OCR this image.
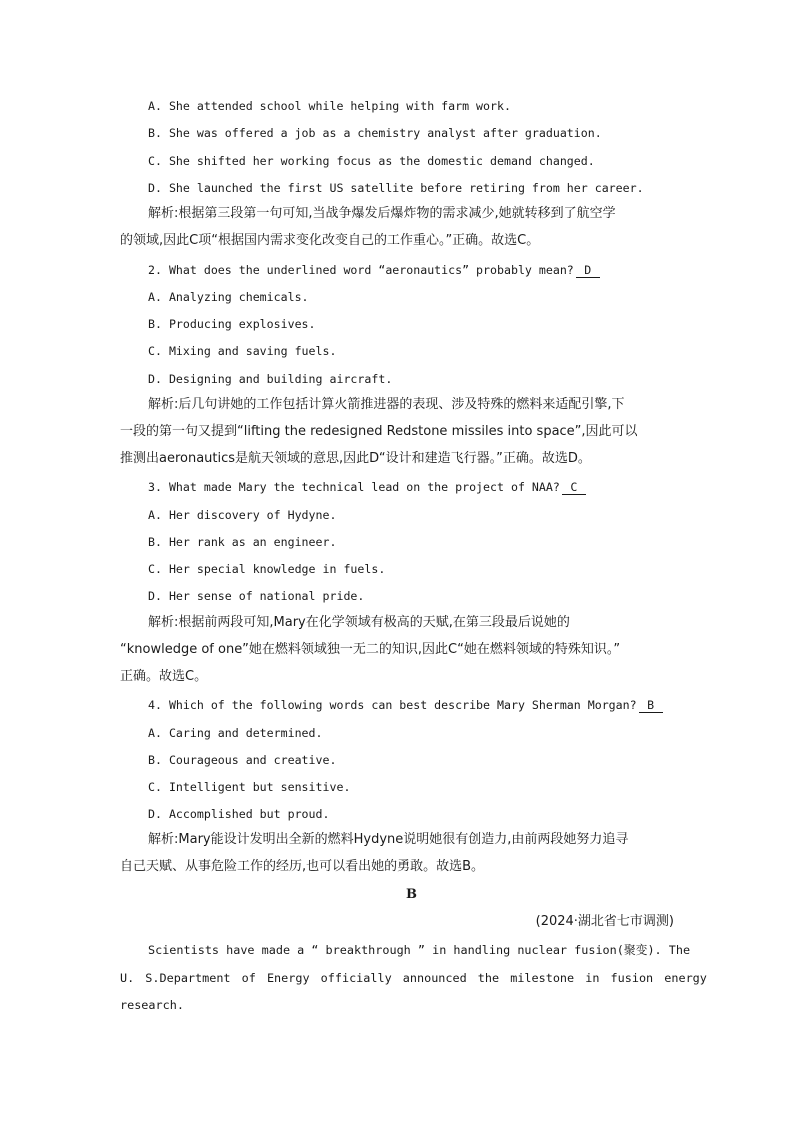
A. She attended school while helping with farm work.
B. She was offered a job as a chemistry analyst after graduation.
C. She shifted her working focus as the domestic demand changed.
D. She launched the first US satellite before retiring from her career.
解析:根据第三段第一句可知,当战争爆发后爆炸物的需求减少,她就转移到了航空学
的领域,因此C项“根据国内需求变化改变自己的工作重心。”正确。故选C。
2. What does the underlined word “aeronautics” probably mean? D
A. Analyzing chemicals.
B. Producing explosives.
C. Mixing and saving fuels.
D. Designing and building aircraft.
解析:后几句讲她的工作包括计算火箭推进器的表现、涉及特殊的燃料来适配引擎,下
一段的第一句又提到“lifting the redesigned Redstone missiles into space”,因此可以
推测出aeronautics是航天领域的意思,因此D“设计和建造飞行器。”正确。故选D。
3. What made Mary the technical lead on the project of NAA? C
A. Her discovery of Hydyne.
B. Her rank as an engineer.
C. Her special knowledge in fuels.
D. Her sense of national pride.
解析:根据前两段可知,Mary在化学领域有极高的天赋,在第三段最后说她的
“knowledge of one”她在燃料领域独一无二的知识,因此C“她在燃料领域的特殊知识。”
正确。故选C。
4. Which of the following words can best describe Mary Sherman Morgan? B
A. Caring and determined.
B. Courageous and creative.
C. Intelligent but sensitive.
D. Accomplished but proud.
解析:Mary能设计发明出全新的燃料Hydyne说明她很有创造力,由前两段她努力追寻
自己天赋、从事危险工作的经历,也可以看出她的勇敢。故选B。
B
(2024·湖北省七市调测)
Scientists have made a “ breakthrough ” in handling nuclear fusion(聚变). The
U. S.Department of Energy officially announced the milestone in fusion energy
research.
